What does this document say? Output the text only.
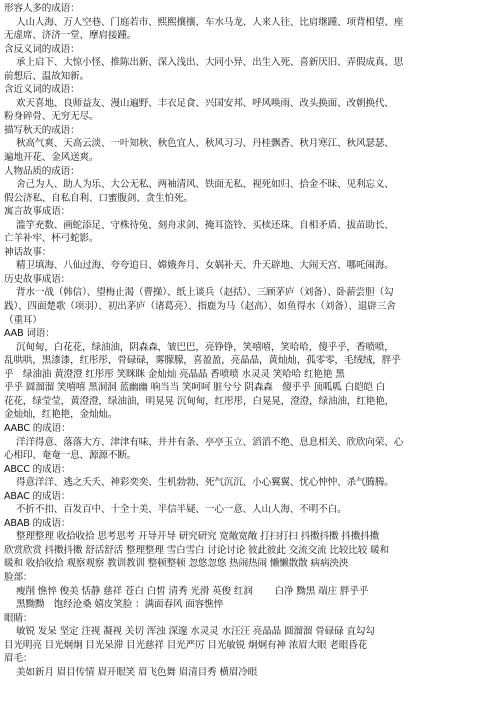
形容人多的成语：
人山人海、万人空巷、门庭若市、熙熙攘攘、车水马龙、人来人往、比肩继踵、项背相望、座
无虚席、济济一堂、摩肩接踵。
含反义词的成语：
承上启下、大惊小怪、推陈出新、深入浅出、大同小异、出生入死、喜新厌旧、弄假成真、思
前想后、温故知新。
含近义词的成语：
欢天喜地、良师益友、漫山遍野、丰衣足食、兴国安邦、呼风唤雨、改头换面、改朝换代、
粉身碎骨、无穷无尽。
描写秋天的成语：
秋高气爽、天高云淡、一叶知秋、秋色宜人、秋风习习、丹桂飘香、秋月寒江、秋风瑟瑟、
遍地开花、金风送爽。
人物品质的成语：
舍己为人、助人为乐、大公无私、两袖清风、铁面无私、视死如归、拾金不昧、见利忘义、
假公济私、自私自利、口蜜腹剑、贪生怕死。
寓言故事成语：
滥竽充数、画蛇添足、守株待兔、刻舟求剑、掩耳盗铃、买椟还珠、自相矛盾、拔苗助长、
亡羊补牢、杯弓蛇影。
神话故事：
精卫填海、八仙过海、夸夸追日、嫦娥奔月、女娲补天、升天辟地、大闹天宫、哪吒闹海。
历史故事成语：
背水一战（韩信）、望梅止渴（曹操）、纸上谈兵（赵括）、三顾茅庐（刘备）、卧薪尝胆（勾
践）、四面楚歌（项羽）、初出茅庐（诸葛亮）、指鹿为马（赵高）、如鱼得水（刘备）、退辟三舍
（重耳）
AAB 词语：
沉甸甸，白花花，绿油油，阴森森，皱巴巴，亮铮铮，笑嘻嘻，笑哈哈，傻乎乎，香喷喷，
乱哄哄，黑漆漆，红彤彤，骨碌碌，雾朦朦，喜盈盈，亮晶晶，黄灿灿，孤零零，毛绒绒，胖乎
乎　绿油油 黄澄澄 红彤彤 笑眯眯 金灿灿 亮晶晶 香喷喷 水灵灵 笑哈哈 红艳艳 黑
乎乎 圆溜溜 笑嘻嘻 黑洞洞 蓝幽幽 响当当 笑呵呵 脏兮兮 阴森森　傻乎乎 顶呱呱 白皑皑 白
花花，绿莹莹，黄澄澄，绿油油，明晃晃 沉甸甸，红彤彤，白晃晃，澄澄，绿油油，红艳艳，
金灿灿，红艳艳，金灿灿。
AABC 的成语：
洋洋得意、落落大方、津津有味、井井有条、亭亭玉立、滔滔不绝、息息相关、欣欣向荣、心
心相印、奄奄一息、源源不断。
ABCC 的成语：
得意洋洋、逃之夭夭、神彩奕奕、生机勃勃、死气沉沉、小心翼翼、忧心忡忡、杀气腾腾。
ABAC 的成语：
不折不扣、百发百中、十全十美、半信半疑、一心一意、人山人海、不明不白。
ABAB 的成语：
整理整理 收拾收拾 思考思考 开导开导 研究研究 宽敞宽敞 打扫打扫 抖擞抖擞 抖擞抖擞
欣赏欣赏 抖擞抖擞 舒活舒活 整理整理 雪白雪白 讨论讨论 彼此彼此 交流交流 比较比较 暖和
暖和 收拾收拾 观察观察 教训教训 整顿整顿 忽悠忽悠 热闹热闹 懒懒散散 病病泱泱
脸部：
瘦削 憔悴 俊美 恬静 慈祥 苍白 白皙 清秀 光滑 英俊 红润 　　白净 黝黑 端庄 胖乎乎
黑黝黝　饱经沧桑 嬉皮笑脸 ：满面春风 面容憔悴
眼睛：
敏锐 发呆 坚定 注视 凝视 关切 浑浊 深邃 水灵灵 水汪汪 亮晶晶 圆溜溜 骨碌碌 直勾勾
目光明亮 目光炯炯 目光呆滞 目光慈祥 目光严厉 目光敏锐 炯炯有神 浓眉大眼 老眼昏花
眉毛：
美如新月 眉目传情 眉开眼笑 眉飞色舞 眉清目秀 横眉冷眼
